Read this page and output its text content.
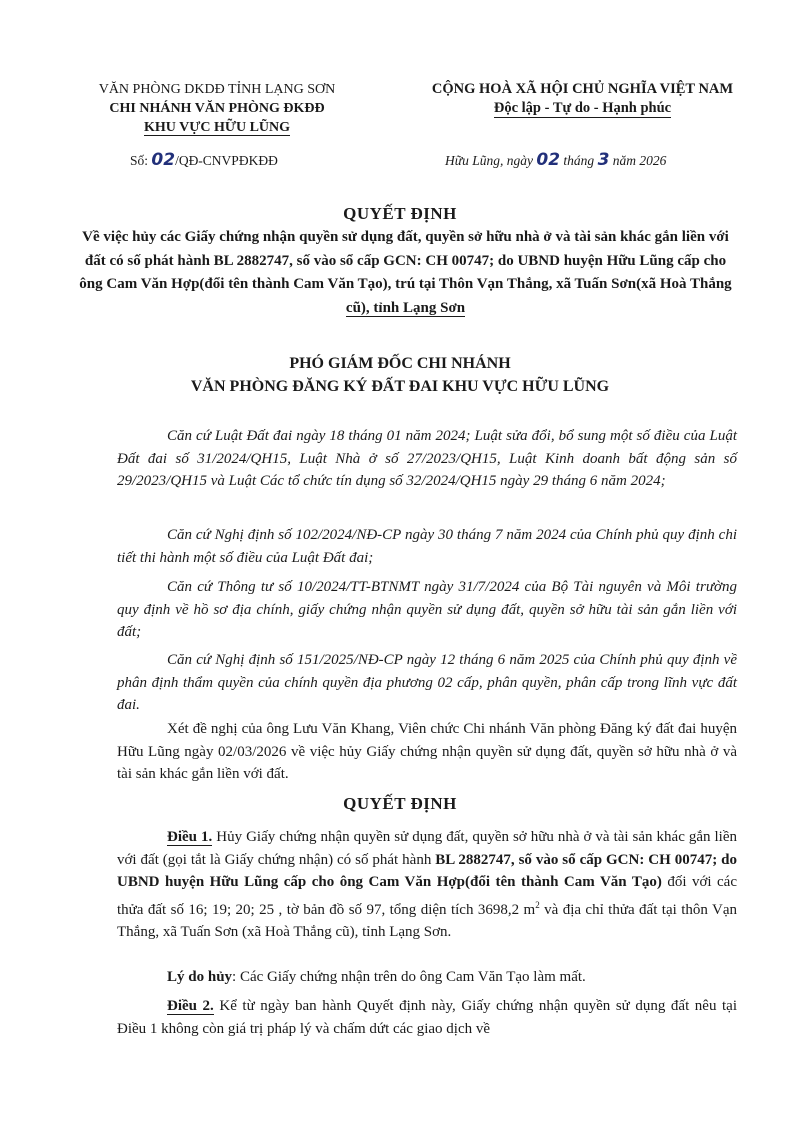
VĂN PHÒNG DKDĐ TỈNH LẠNG SƠN
CHI NHÁNH VĂN PHÒNG ĐKĐĐ
KHU VỰC HỮU LŨNG
CỘNG HOÀ XÃ HỘI CHỦ NGHĨA VIỆT NAM
Độc lập - Tự do - Hạnh phúc
Số: 02/QĐ-CNVPĐKĐĐ	Hữu Lũng, ngày 02 tháng 3 năm 2026
QUYẾT ĐỊNH
Về việc hủy các Giấy chứng nhận quyền sử dụng đất, quyền sở hữu nhà ở và tài sản khác gắn liền với đất có số phát hành BL 2882747, số vào sổ cấp GCN: CH 00747; do UBND huyện Hữu Lũng cấp cho ông Cam Văn Hợp(đổi tên thành Cam Văn Tạo), trú tại Thôn Vạn Thắng, xã Tuấn Sơn(xã Hoà Thắng cũ), tỉnh Lạng Sơn
PHÓ GIÁM ĐỐC CHI NHÁNH
VĂN PHÒNG ĐĂNG KÝ ĐẤT ĐAI KHU VỰC HỮU LŨNG
Căn cứ Luật Đất đai ngày 18 tháng 01 năm 2024; Luật sửa đổi, bổ sung một số điều của Luật Đất đai số 31/2024/QH15, Luật Nhà ở số 27/2023/QH15, Luật Kinh doanh bất động sản số 29/2023/QH15 và Luật Các tổ chức tín dụng số 32/2024/QH15 ngày 29 tháng 6 năm 2024;
Căn cứ Nghị định số 102/2024/NĐ-CP ngày 30 tháng 7 năm 2024 của Chính phủ quy định chi tiết thi hành một số điều của Luật Đất đai;
Căn cứ Thông tư số 10/2024/TT-BTNMT ngày 31/7/2024 của Bộ Tài nguyên và Môi trường quy định về hồ sơ địa chính, giấy chứng nhận quyền sử dụng đất, quyền sở hữu tài sản gắn liền với đất;
Căn cứ Nghị định số 151/2025/NĐ-CP ngày 12 tháng 6 năm 2025 của Chính phủ quy định về phân định thẩm quyền của chính quyền địa phương 02 cấp, phân quyền, phân cấp trong lĩnh vực đất đai.
Xét đề nghị của ông Lưu Văn Khang, Viên chức Chi nhánh Văn phòng Đăng ký đất đai huyện Hữu Lũng ngày 02/03/2026 về việc hủy Giấy chứng nhận quyền sử dụng đất, quyền sở hữu nhà ở và tài sản khác gắn liền với đất.
QUYẾT ĐỊNH
Điều 1. Hủy Giấy chứng nhận quyền sử dụng đất, quyền sở hữu nhà ở và tài sản khác gắn liền với đất (gọi tắt là Giấy chứng nhận) có số phát hành BL 2882747, số vào sổ cấp GCN: CH 00747; do UBND huyện Hữu Lũng cấp cho ông Cam Văn Hợp(đổi tên thành Cam Văn Tạo) đối với các thửa đất số 16; 19; 20; 25 , tờ bản đồ số 97, tổng diện tích 3698,2 $m^2$ và địa chỉ thửa đất tại thôn Vạn Thắng, xã Tuấn Sơn (xã Hoà Thắng cũ), tỉnh Lạng Sơn.
Lý do hủy: Các Giấy chứng nhận trên do ông Cam Văn Tạo làm mất.
Điều 2. Kể từ ngày ban hành Quyết định này, Giấy chứng nhận quyền sử dụng đất nêu tại Điều 1 không còn giá trị pháp lý và chấm dứt các giao dịch về
